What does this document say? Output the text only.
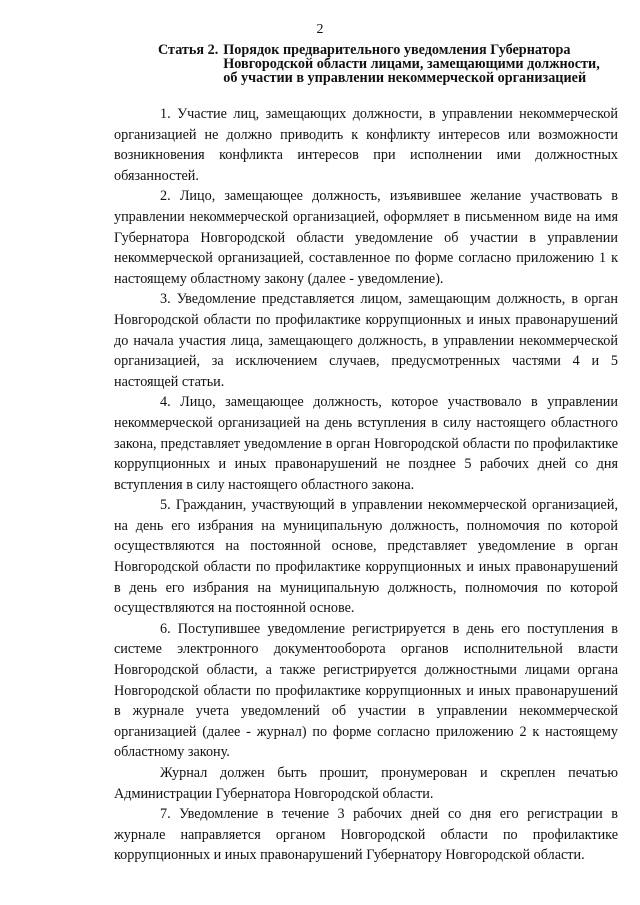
2
Статья 2. Порядок предварительного уведомления Губернатора Новгородской области лицами, замещающими должности, об участии в управлении некоммерческой организацией

1. Участие лиц, замещающих должности, в управлении некоммерческой организацией не должно приводить к конфликту интересов или возможности возникновения конфликта интересов при исполнении ими должностных обязанностей.

2. Лицо, замещающее должность, изъявившее желание участвовать в управлении некоммерческой организацией, оформляет в письменном виде на имя Губернатора Новгородской области уведомление об участии в управлении некоммерческой организацией, составленное по форме согласно приложению 1 к настоящему областному закону (далее - уведомление).

3. Уведомление представляется лицом, замещающим должность, в орган Новгородской области по профилактике коррупционных и иных правонарушений до начала участия лица, замещающего должность, в управлении некоммерческой организацией, за исключением случаев, предусмотренных частями 4 и 5 настоящей статьи.

4. Лицо, замещающее должность, которое участвовало в управлении некоммерческой организацией на день вступления в силу настоящего областного закона, представляет уведомление в орган Новгородской области по профилактике коррупционных и иных правонарушений не позднее 5 рабочих дней со дня вступления в силу настоящего областного закона.

5. Гражданин, участвующий в управлении некоммерческой организацией, на день его избрания на муниципальную должность, полномочия по которой осуществляются на постоянной основе, представляет уведомление в орган Новгородской области по профилактике коррупционных и иных правонарушений в день его избрания на муниципальную должность, полномочия по которой осуществляются на постоянной основе.

6. Поступившее уведомление регистрируется в день его поступления в системе электронного документооборота органов исполнительной власти Новгородской области, а также регистрируется должностными лицами органа Новгородской области по профилактике коррупционных и иных правонарушений в журнале учета уведомлений об участии в управлении некоммерческой организацией (далее - журнал) по форме согласно приложению 2 к настоящему областному закону.

Журнал должен быть прошит, пронумерован и скреплен печатью Администрации Губернатора Новгородской области.

7. Уведомление в течение 3 рабочих дней со дня его регистрации в журнале направляется органом Новгородской области по профилактике коррупционных и иных правонарушений Губернатору Новгородской области.
